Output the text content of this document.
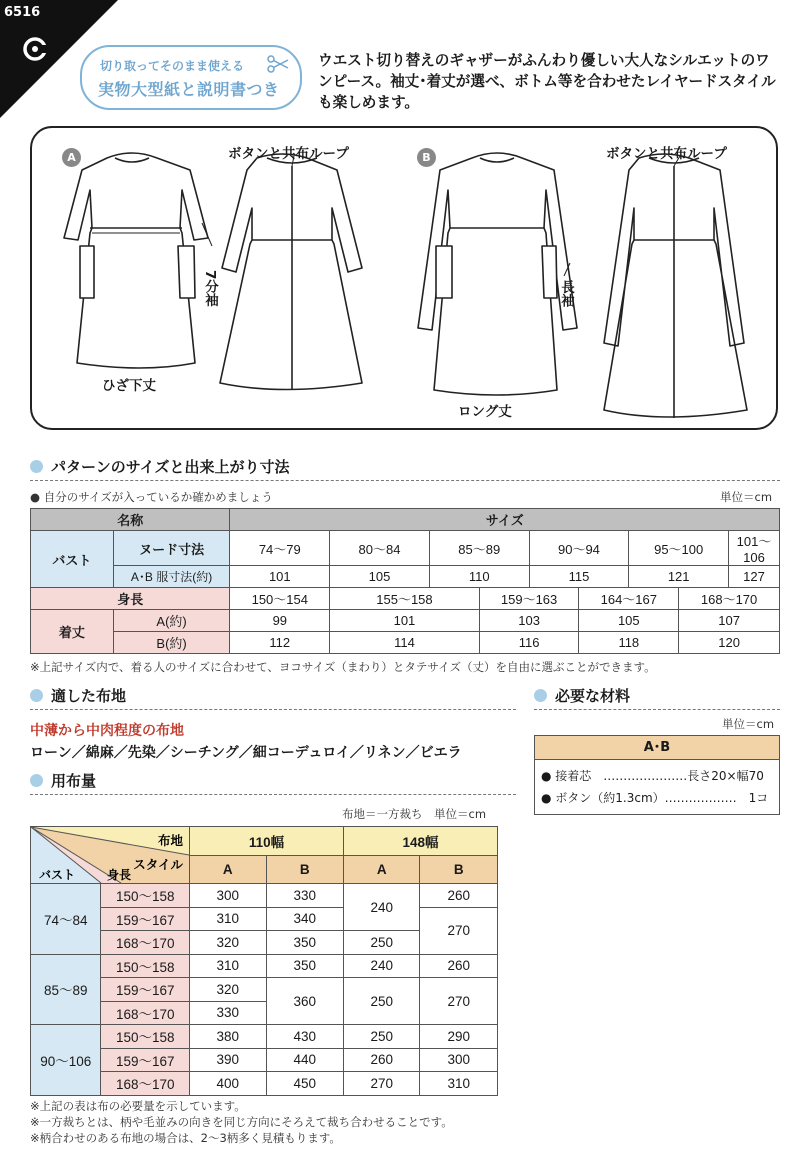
6516
切り取ってそのまま使える
実物大型紙と説明書つき
ウエスト切り替えのギャザーがふんわり優しい大人なシルエットのワンピース。袖丈･着丈が選べ、ボトム等を合わせたレイヤードスタイルも楽しめます。
A	B
ボタンと共布ループ	ボタンと共布ループ
7分袖	長袖
ひざ下丈
ロング丈
パターンのサイズと出来上がり寸法
● 自分のサイズが入っているか確かめましょう	単位＝cm
名称		サイズ								
バスト	ヌード寸法	74〜79	80〜84	85〜89		90〜94		95〜100		101〜106
	A･B 服寸法(約)	101	105	110		115		121		127
身長		150〜154	155〜158		159〜163		164〜167		168〜170	
着丈	A(約)	99	101		103		105		107	
	B(約)	112	114		116		118		120	
※上記サイズ内で、着る人のサイズに合わせて、ヨコサイズ（まわり）とタテサイズ（丈）を自由に選ぶことができます。
適した布地
中薄から中肉程度の布地
ローン／綿麻／先染／シーチング／細コーデュロイ／リネン／ビエラ
必要な材料
単位＝cm
A･B
● 接着芯　…………………長さ20×幅70
● ボタン（約1.3cm）………………　1コ
用布量
布地＝一方裁ち　単位＝cm
布地
スタイル
バスト 身長		110幅		148幅	
		A	B	A	B
74〜84	150〜158	300	330	240	260
	159〜167	310	340		270
	168〜170	320	350	250	
85〜89	150〜158	310	350	240	260
	159〜167	320	360	250	270
	168〜170	330			
90〜106	150〜158	380	430	250	290
	159〜167	390	440	260	300
	168〜170	400	450	270	310
※上記の表は布の必要量を示しています。
※一方裁ちとは、柄や毛並みの向きを同じ方向にそろえて裁ち合わせることです。
※柄合わせのある布地の場合は、2〜3柄多く見積もります。
